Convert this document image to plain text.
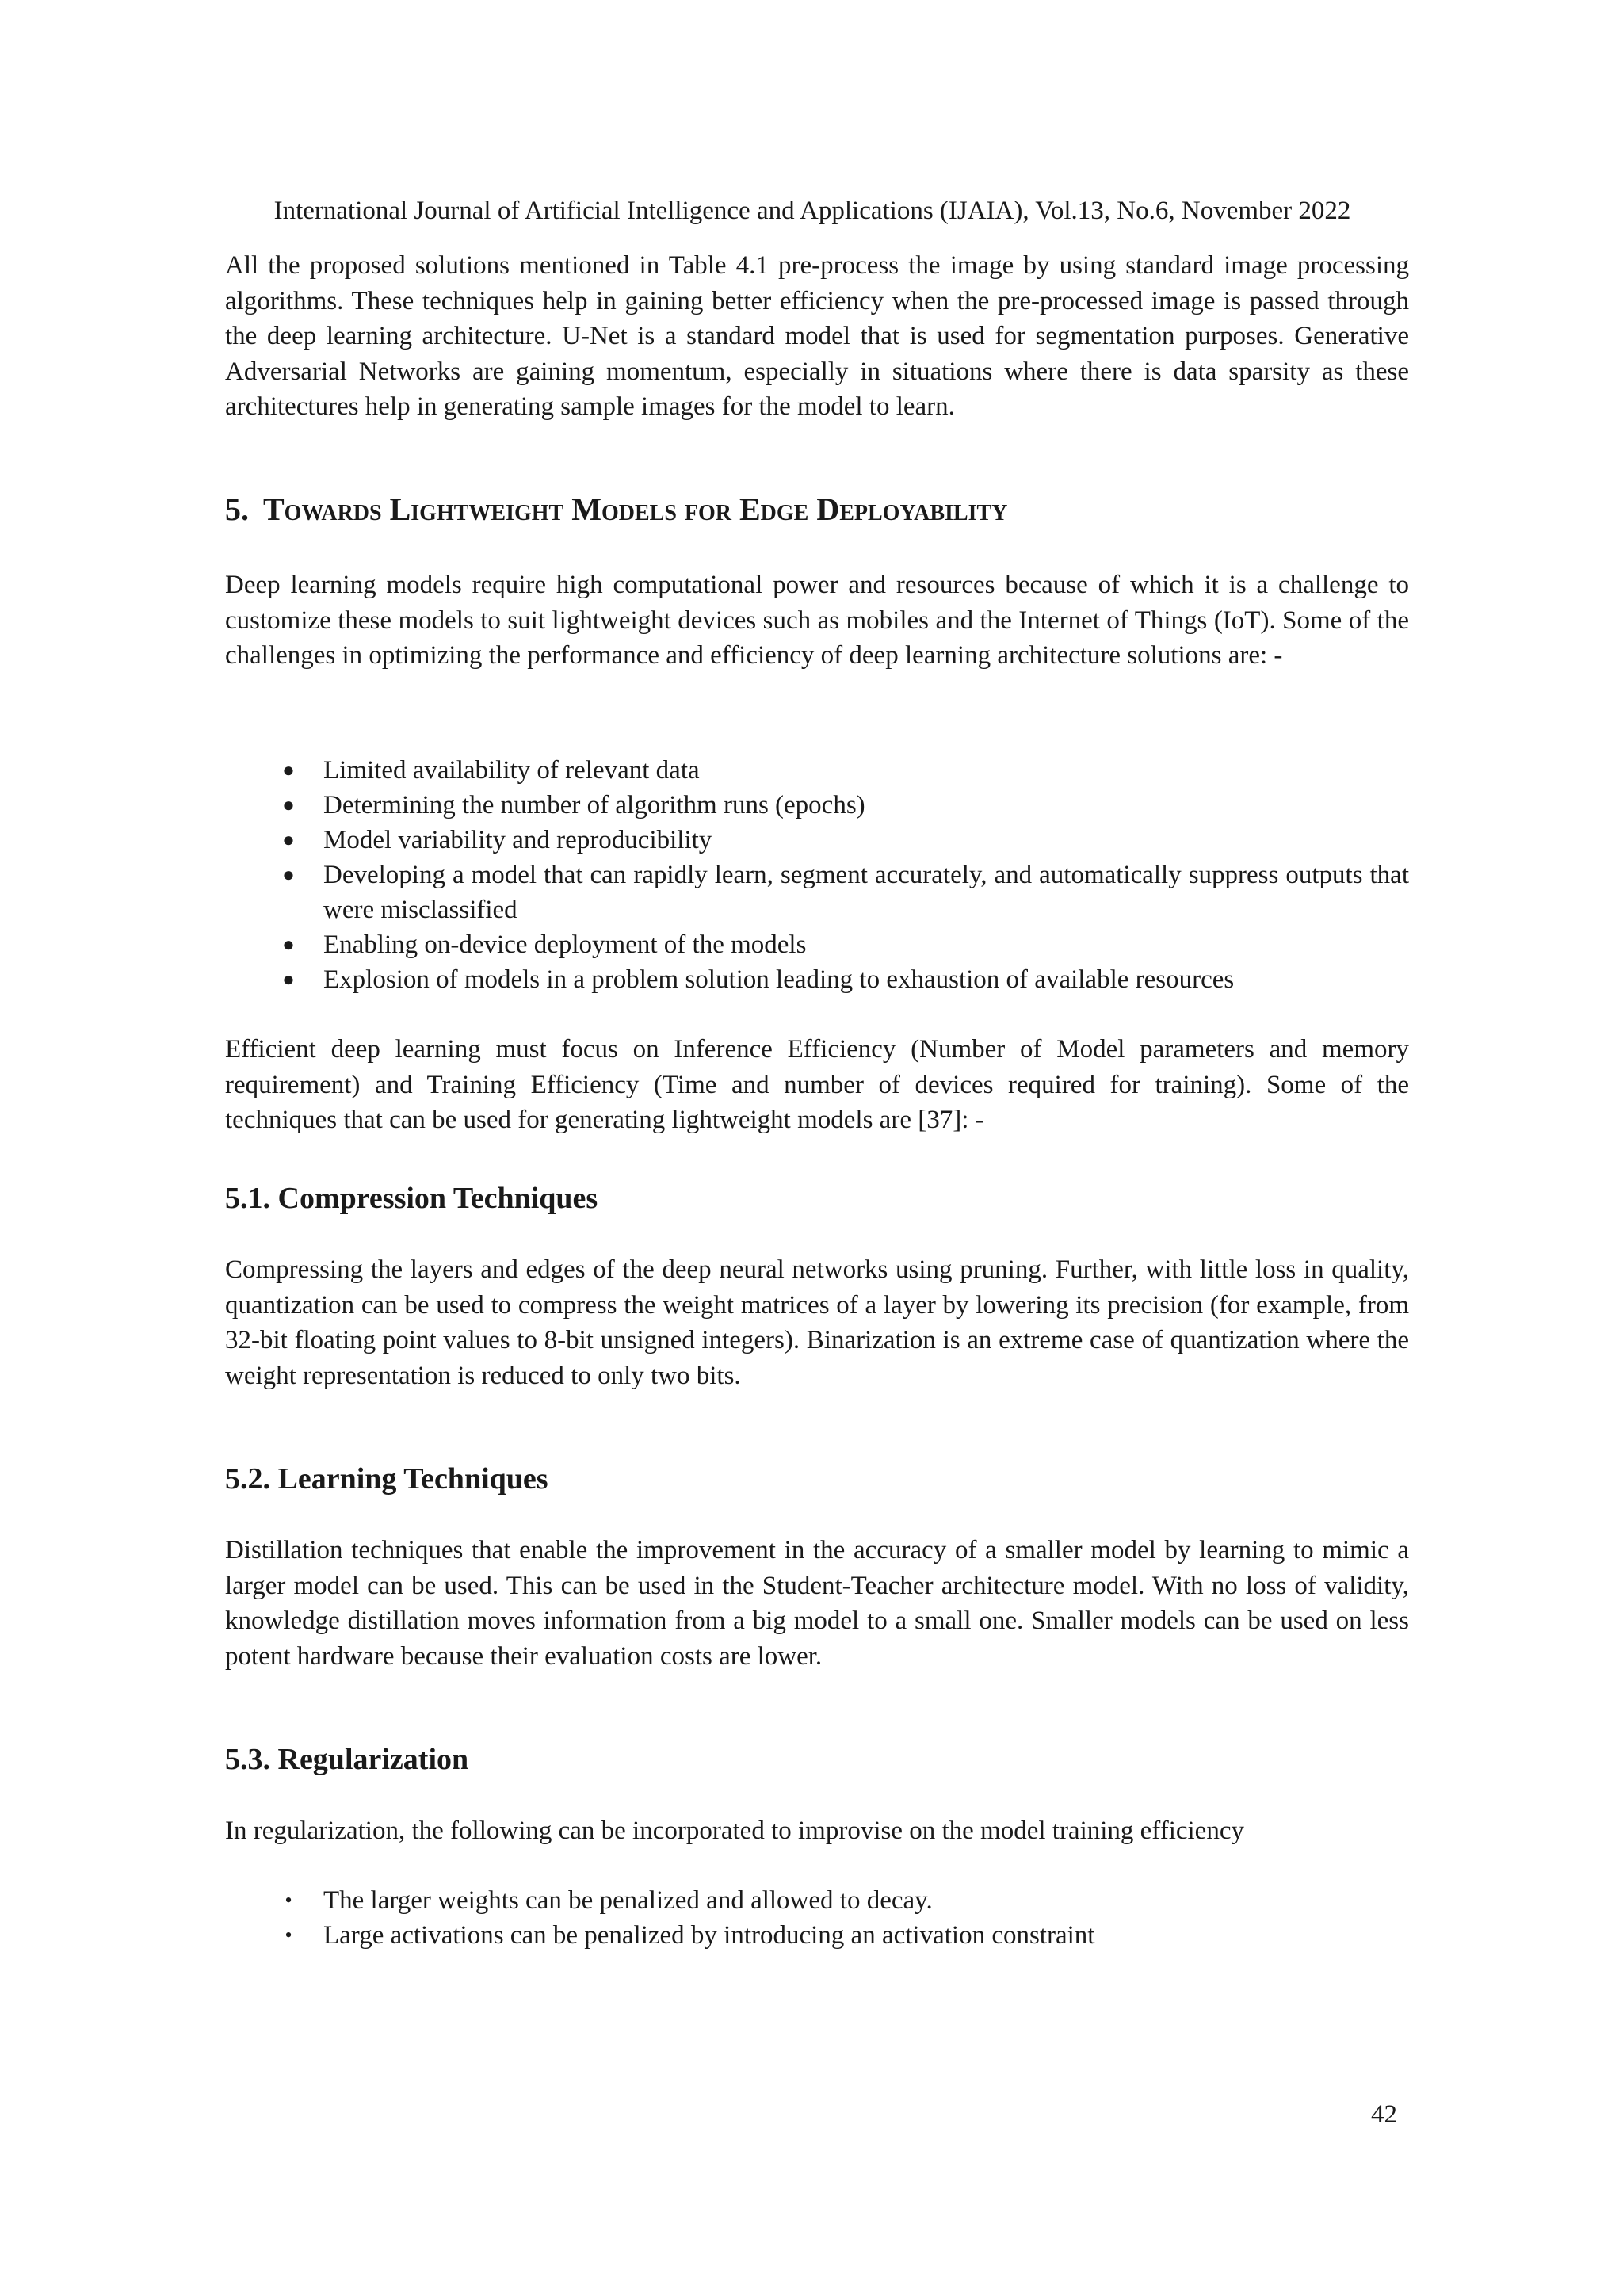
International Journal of Artificial Intelligence and Applications (IJAIA), Vol.13, No.6, November 2022

All the proposed solutions mentioned in Table 4.1 pre-process the image by using standard image processing algorithms. These techniques help in gaining better efficiency when the pre-processed image is passed through the deep learning architecture. U-Net is a standard model that is used for segmentation purposes. Generative Adversarial Networks are gaining momentum, especially in situations where there is data sparsity as these architectures help in generating sample images for the model to learn.

5. Towards Lightweight Models for Edge Deployability

Deep learning models require high computational power and resources because of which it is a challenge to customize these models to suit lightweight devices such as mobiles and the Internet of Things (IoT). Some of the challenges in optimizing the performance and efficiency of deep learning architecture solutions are: -

●	Limited availability of relevant data
●	Determining the number of algorithm runs (epochs)
●	Model variability and reproducibility
●	Developing a model that can rapidly learn, segment accurately, and automatically suppress outputs that were misclassified
●	Enabling on-device deployment of the models
●	Explosion of models in a problem solution leading to exhaustion of available resources

Efficient deep learning must focus on Inference Efficiency (Number of Model parameters and memory requirement) and Training Efficiency (Time and number of devices required for training). Some of the techniques that can be used for generating lightweight models are [37]: -

5.1. Compression Techniques

Compressing the layers and edges of the deep neural networks using pruning. Further, with little loss in quality, quantization can be used to compress the weight matrices of a layer by lowering its precision (for example, from 32-bit floating point values to 8-bit unsigned integers). Binarization is an extreme case of quantization where the weight representation is reduced to only two bits.

5.2. Learning Techniques

Distillation techniques that enable the improvement in the accuracy of a smaller model by learning to mimic a larger model can be used. This can be used in the Student-Teacher architecture model. With no loss of validity, knowledge distillation moves information from a big model to a small one. Smaller models can be used on less potent hardware because their evaluation costs are lower.

5.3. Regularization

In regularization, the following can be incorporated to improvise on the model training efficiency

•	The larger weights can be penalized and allowed to decay.
•	Large activations can be penalized by introducing an activation constraint
42
